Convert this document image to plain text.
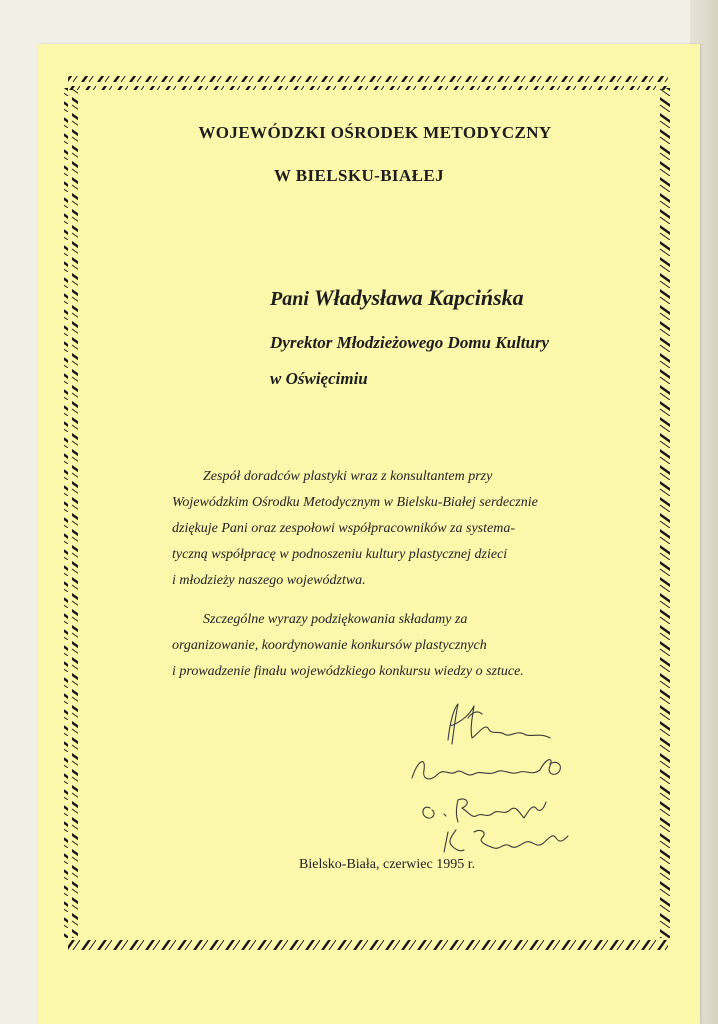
WOJEWÓDZKI OŚRODEK METODYCZNY
W BIELSKU-BIAŁEJ
Pani Władysława Kapcińska
Dyrektor Młodzieżowego Domu Kultury
w Oświęcimiu
Zespół doradców plastyki wraz z konsultantem przy
Wojewódzkim Ośrodku Metodycznym w Bielsku-Białej serdecznie
dziękuje Pani oraz zespołowi współpracowników za systema-
tyczną współpracę w podnoszeniu kultury plastycznej dzieci
i młodzieży naszego województwa.
Szczególne wyrazy podziękowania składamy za
organizowanie, koordynowanie konkursów plastycznych
i prowadzenie finału wojewódzkiego konkursu wiedzy o sztuce.
Bielsko-Biała, czerwiec 1995 r.
